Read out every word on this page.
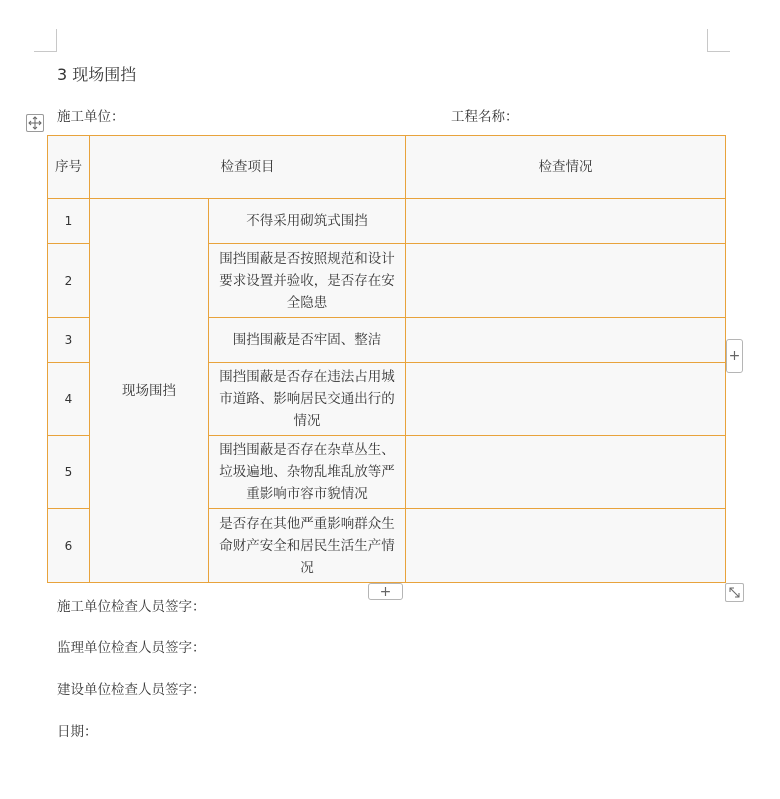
3 现场围挡
施工单位：	工程名称：
序号	检查项目		检查情况
1	现场围挡	不得采用砌筑式围挡	
2		围挡围蔽是否按照规范和设计要求设置并验收，是否存在安全隐患	
3		围挡围蔽是否牢固、整洁	
4		围挡围蔽是否存在违法占用城市道路、影响居民交通出行的情况	
5		围挡围蔽是否存在杂草丛生、垃圾遍地、杂物乱堆乱放等严重影响市容市貌情况	
6		是否存在其他严重影响群众生命财产安全和居民生活生产情况	
+
+
施工单位检查人员签字：
监理单位检查人员签字：
建设单位检查人员签字：
日期：
